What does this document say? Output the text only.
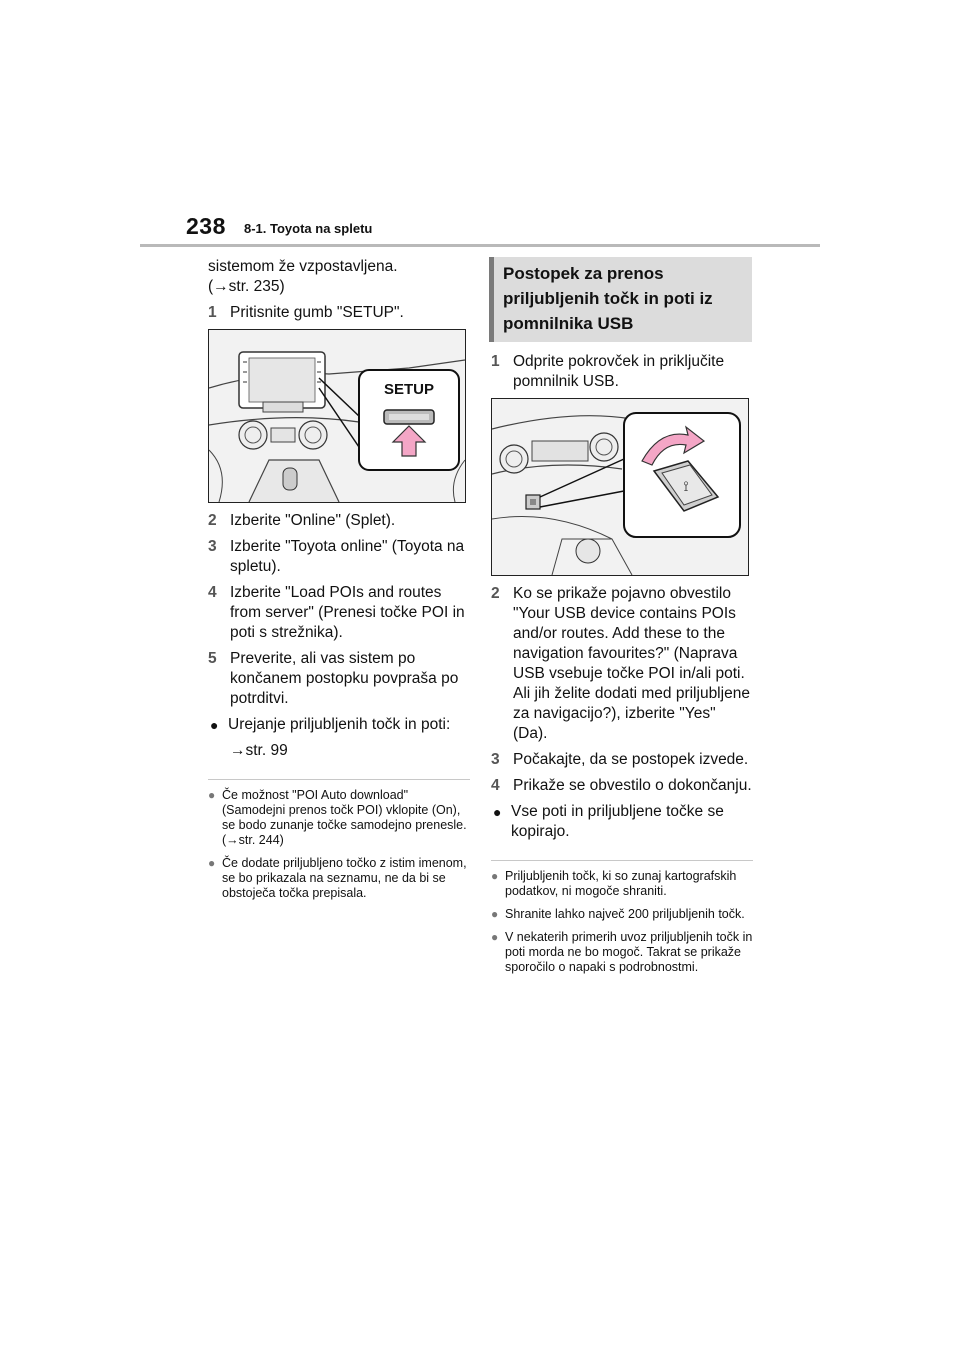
238 8-1. Toyota na spletu

sistemom že vzpostavljena.

(→str. 235)

1 Pritisnite gumb "SETUP".
SETUP
2 Izberite "Online" (Splet).
3 Izberite "Toyota online" (Toyota na spletu).
4 Izberite "Load POIs and routes from server" (Prenesi točke POI in poti s strežnika).
5 Preverite, ali vas sistem po končanem postopku povpraša po potrditvi.
● Urejanje priljubljenih točk in poti:

→str. 99

● Če možnost "POI Auto download" (Samodejni prenos točk POI) vklopite (On), se bodo zunanje točke samodejno prenesle. (→str. 244)
● Če dodate priljubljeno točko z istim imenom, se bo prikazala na seznamu, ne da bi se obstoječa točka prepisala.
Postopek za prenos priljubljenih točk in poti iz pomnilnika USB
1 Odprite pokrovček in priključite pomnilnik USB.
⟟
2 Ko se prikaže pojavno obvestilo "Your USB device contains POIs and/or routes. Add these to the navigation favourites?" (Naprava USB vsebuje točke POI in/ali poti. Ali jih želite dodati med priljubljene za navigacijo?), izberite "Yes" (Da).
3 Počakajte, da se postopek izvede.
4 Prikaže se obvestilo o dokončanju.
● Vse poti in priljubljene točke se kopirajo.
● Priljubljenih točk, ki so zunaj kartografskih podatkov, ni mogoče shraniti.
● Shranite lahko največ 200 priljubljenih točk.
● V nekaterih primerih uvoz priljubljenih točk in poti morda ne bo mogoč. Takrat se prikaže sporočilo o napaki s podrobnostmi.
